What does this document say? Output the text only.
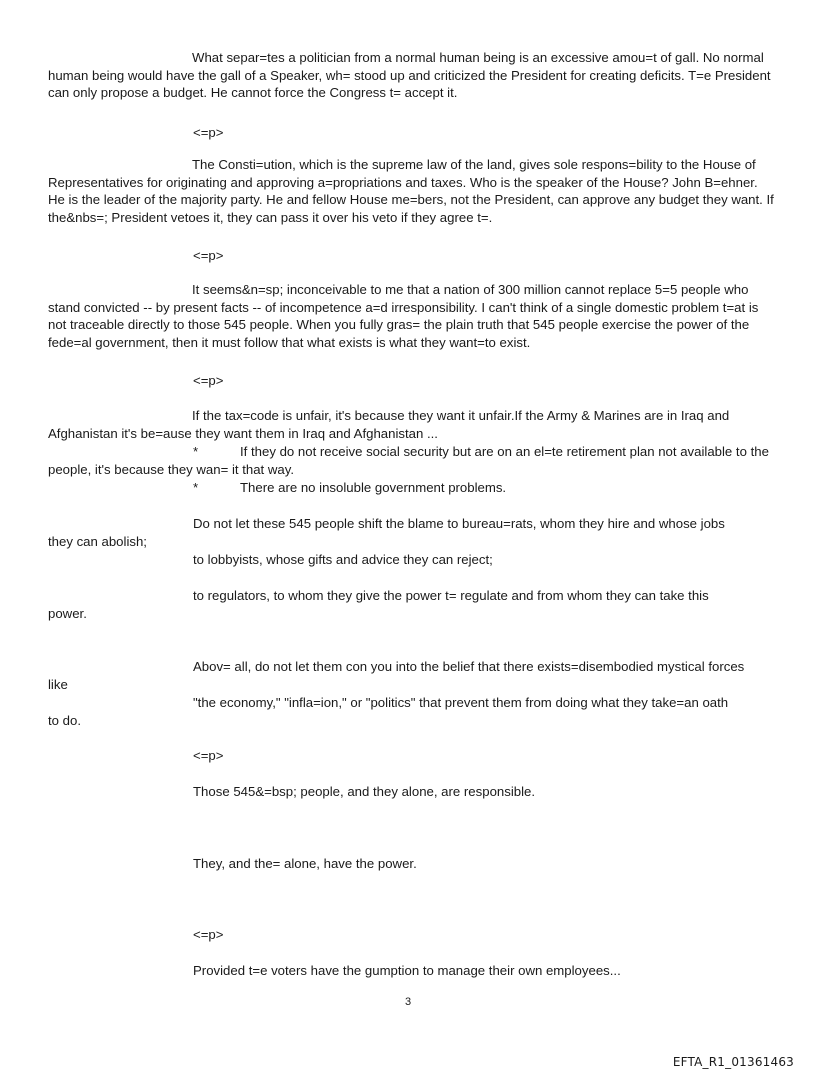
What separ=tes a politician from a normal human being is an excessive amou=t of gall. No normal human being would have the gall of a Speaker, wh= stood up and criticized the President for creating deficits. T=e President can only propose a budget. He cannot force the Congress t= accept it.

<=p>

The Consti=ution, which is the supreme law of the land, gives sole respons=bility to the House of Representatives for originating and approving a=propriations and taxes. Who is the speaker of the House? John B=ehner. He is the leader of the majority party. He and fellow House me=bers, not the President, can approve any budget they want. If the&nbs=; President vetoes it, they can pass it over his veto if they agree t=.

<=p>

It seems&n=sp; inconceivable to me that a nation of 300 million cannot replace 5=5 people who stand convicted -- by present facts -- of incompetence a=d irresponsibility. I can't think of a single domestic problem t=at is not traceable directly to those 545 people. When you fully gras= the plain truth that 545 people exercise the power of the fede=al government, then it must follow that what exists is what they want=to exist.

<=p>

If the tax=code is unfair, it's because they want it unfair.If the Army & Marines are in Iraq and Afghanistan it's be=ause they want them in Iraq and Afghanistan ...

*	If they do not receive social security but are on an el=te retirement plan not available to the people, it's because they wan= it that way.
*	There are no insoluble government problems.

Do not let these 545 people shift the blame to bureau=rats, whom they hire and whose jobs

they can abolish;

to lobbyists, whose gifts and advice they can reject;

to regulators, to whom they give the power t= regulate and from whom they can take this

power.

Abov= all, do not let them con you into the belief that there exists=disembodied mystical forces

like

"the economy," "infla=ion," or "politics" that prevent them from doing what they take=an oath

to do.

<=p>

Those 545&=bsp; people, and they alone, are responsible.

They, and the= alone, have the power.

<=p>

Provided t=e voters have the gumption to manage their own employees...

3
EFTA_R1_01361463
